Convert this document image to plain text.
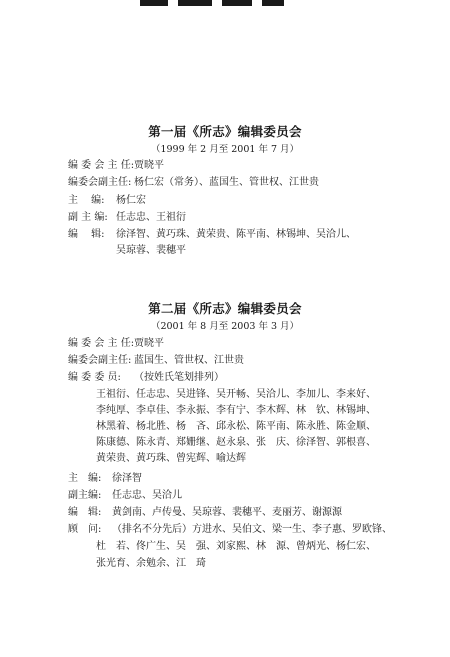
第一届《所志》编辑委员会
（1999 年 2 月至 2001 年 7 月）
编 委 会 主 任:贾晓平
编委会副主任: 杨仁宏（常务）、蓝国生、管世权、江世贵
主　 编: 杨仁宏
副 主 编: 任志忠、王祖衍
编　 辑: 徐泽智、黄巧珠、黄荣贵、陈平南、林锡坤、吴洽儿、
吴琼蓉、裴穗平
第二届《所志》编辑委员会
（2001 年 8 月至 2003 年 3 月）
编 委 会 主 任:贾晓平
编委会副主任: 蓝国生、管世权、江世贵
编 委 委 员: （按姓氏笔划排列）
王祖衍、任志忠、吴进锋、吴开畅、吴洽儿、李加儿、李来好、
李纯厚、李卓佳、李永振、李有宁、李木辉、林　钦、林锡坤、
林黑着、杨北胜、杨　吝、邱永松、陈平南、陈永胜、陈金顺、
陈康德、陈永青、郑姗继、赵永泉、张　庆、徐泽智、郭根喜、
黄荣贵、黄巧珠、曾宪辉、喻达辉
主　编: 徐泽智
副主编: 任志忠、吴洽儿
编　辑: 黄剑南、卢传曼、吴琼蓉、裴穗平、麦丽芳、谢源源
顾　问: （排名不分先后）方进水、吴伯文、梁一生、李子惠、罗欧锋、
杜　若、佟广生、吴　强、刘家熙、林　源、曾炳光、杨仁宏、
张光育、余勉余、江　琦
